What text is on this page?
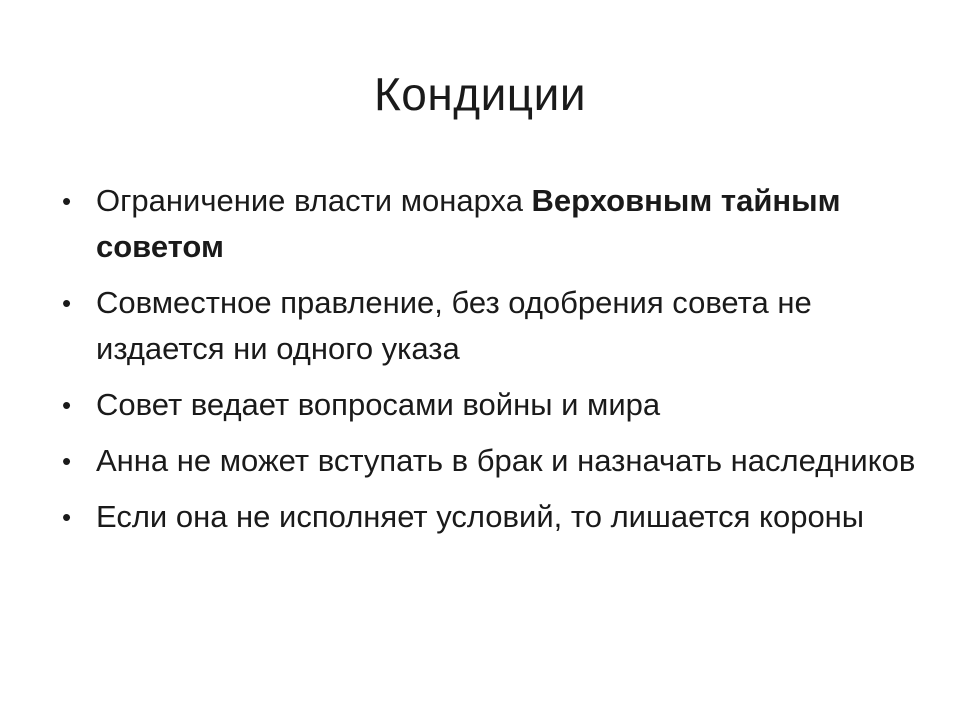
Кондиции
• Ограничение власти монарха Верховным тайным советом
• Совместное правление, без одобрения совета не издается ни одного указа
• Совет ведает вопросами войны и мира
• Анна не может вступать в брак и назначать наследников
• Если она не исполняет условий, то лишается короны
